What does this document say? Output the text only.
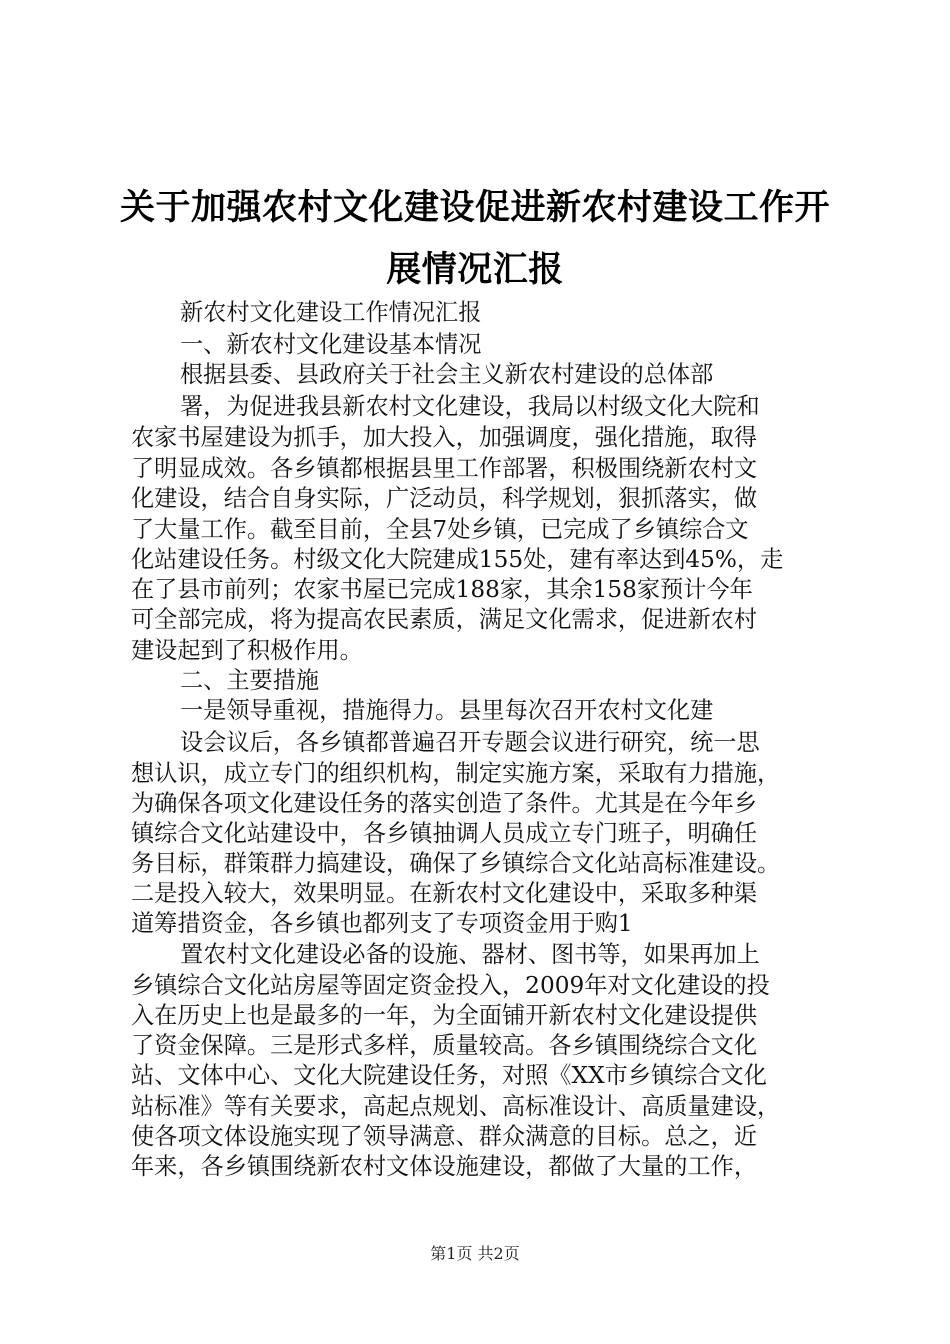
关于加强农村文化建设促进新农村建设工作开
展情况汇报
新农村文化建设工作情况汇报
一、新农村文化建设基本情况
根据县委、县政府关于社会主义新农村建设的总体部
署，为促进我县新农村文化建设，我局以村级文化大院和
农家书屋建设为抓手，加大投入，加强调度，强化措施，取得
了明显成效。各乡镇都根据县里工作部署，积极围绕新农村文
化建设，结合自身实际，广泛动员，科学规划，狠抓落实，做
了大量工作。截至目前，全县7处乡镇，已完成了乡镇综合文
化站建设任务。村级文化大院建成155处，建有率达到45%，走
在了县市前列；农家书屋已完成188家，其余158家预计今年
可全部完成，将为提高农民素质，满足文化需求，促进新农村
建设起到了积极作用。
二、主要措施
一是领导重视，措施得力。县里每次召开农村文化建
设会议后，各乡镇都普遍召开专题会议进行研究，统一思
想认识，成立专门的组织机构，制定实施方案，采取有力措施，
为确保各项文化建设任务的落实创造了条件。尤其是在今年乡
镇综合文化站建设中，各乡镇抽调人员成立专门班子，明确任
务目标，群策群力搞建设，确保了乡镇综合文化站高标准建设。
二是投入较大，效果明显。在新农村文化建设中，采取多种渠
道筹措资金，各乡镇也都列支了专项资金用于购1
置农村文化建设必备的设施、器材、图书等，如果再加上
乡镇综合文化站房屋等固定资金投入，2009年对文化建设的投
入在历史上也是最多的一年，为全面铺开新农村文化建设提供
了资金保障。三是形式多样，质量较高。各乡镇围绕综合文化
站、文体中心、文化大院建设任务，对照《XX市乡镇综合文化
站标准》等有关要求，高起点规划、高标准设计、高质量建设，
使各项文体设施实现了领导满意、群众满意的目标。总之，近
年来，各乡镇围绕新农村文体设施建设，都做了大量的工作，
第1页 共2页
